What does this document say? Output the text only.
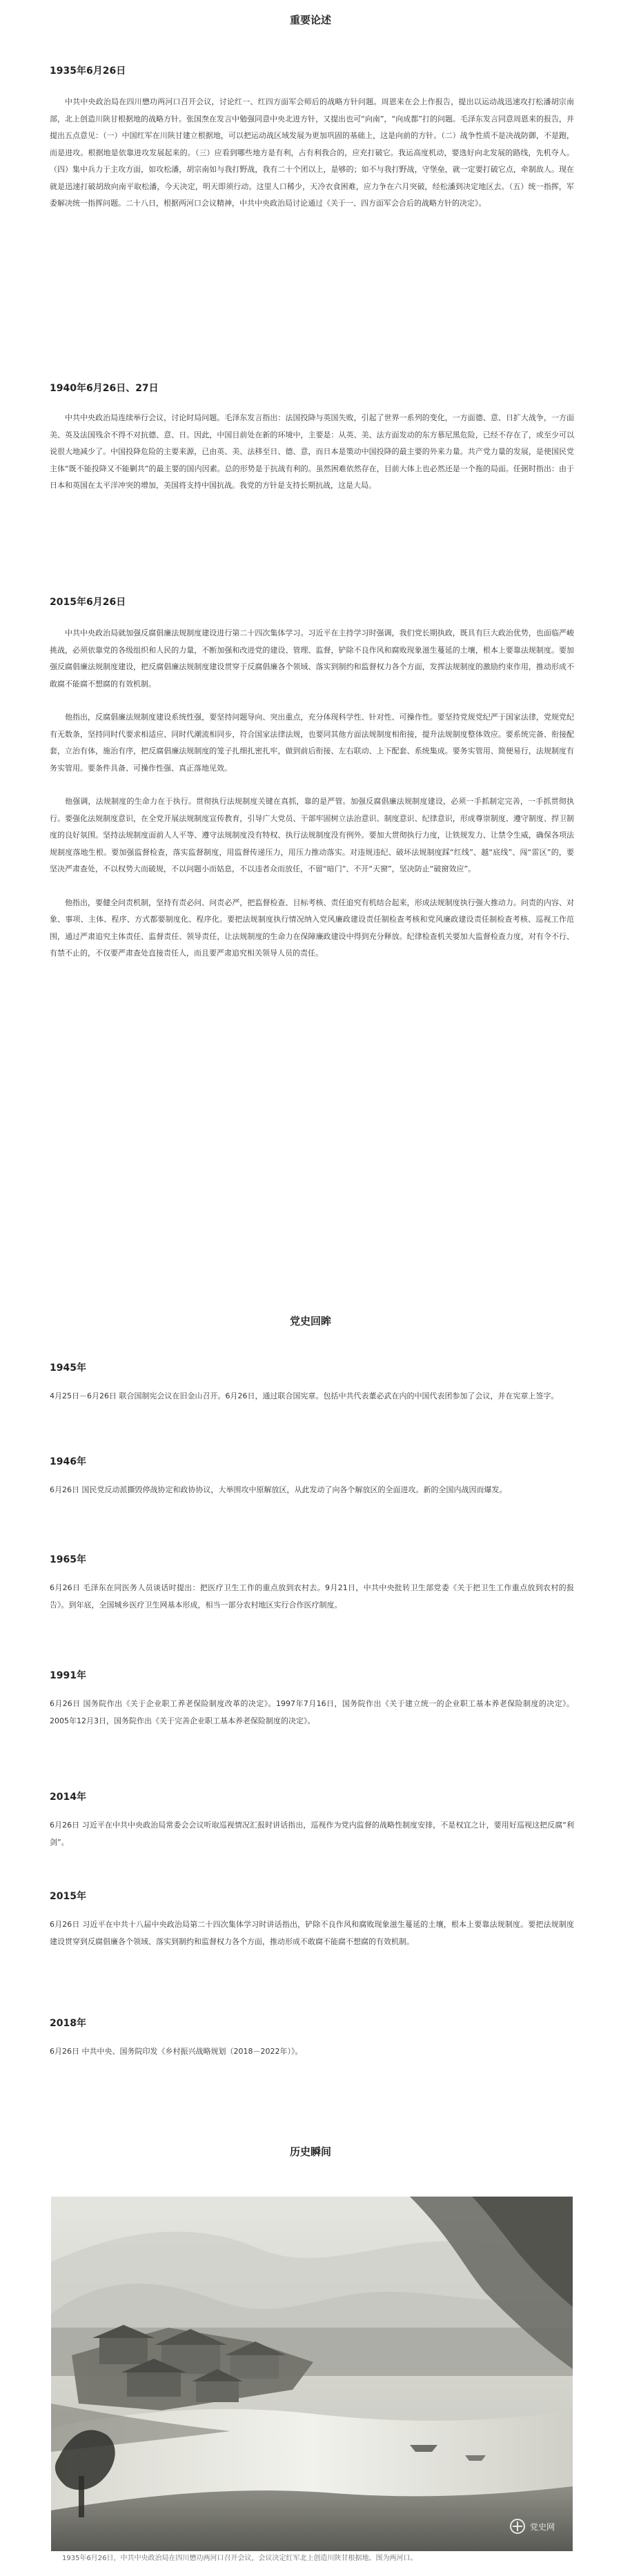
重要论述
1935年6月26日

中共中央政治局在四川懋功两河口召开会议，讨论红一、红四方面军会师后的战略方针问题。周恩来在会上作报告，提出以运动战迅速攻打松潘胡宗南部，北上创造川陕甘根据地的战略方针。张国焘在发言中勉强同意中央北进方针，又提出也可“向南”，“向成都”打的问题。毛泽东发言同意周恩来的报告，并提出五点意见：（一）中国红军在川陕甘建立根据地，可以把运动战区域发展为更加巩固的基础上，这是向前的方针。（二）战争性质不是决战防御，不是跑，而是进攻。根据地是依靠进攻发展起来的。（三）应看到哪些地方是有利，占有利我合的，应充打破它。我运高度机动，要选好向北发展的路线，先机夺人。（四）集中兵力于主攻方面，如攻松潘，胡宗南如与我打野战，我有二十个团以上，是够的；如不与我打野战，守堡垒，就一定要打破它点，牵制敌人。现在就是迅速打破胡敌向南平取松潘，今天决定，明天即须行动。这里人口稀少，天冷衣食困难，应力争在六月突破，经松潘到决定地区去。（五）统一指挥，军委解决统一指挥问题。二十八日，根据两河口会议精神，中共中央政治局讨论通过《关于一、四方面军会合后的战略方针的决定》。

1940年6月26日、27日

中共中央政治局连续举行会议，讨论时局问题。毛泽东发言指出：法国投降与英国失败，引起了世界一系列的变化，一方面德、意、日扩大战争，一方面美、英及法国残余不得不对抗德、意、日。因此，中国目前处在新的环境中，主要是：从英、美、法方面发动的东方慕尼黑危险，已经不存在了，或至少可以说很大地减少了。中国投降危险的主要来源，已由英、美、法移至日、德、意，而日本是策动中国投降的最主要的外来力量。共产党力量的发展，是使国民党主体“既不能投降又不能剿共”的最主要的国内因素。总的形势是于抗战有利的。虽然困难依然存在，目前大体上也必然还是一个拖的局面。任弼时指出：由于日本和英国在太平洋冲突的增加，美国将支持中国抗战。我党的方针是支持长期抗战，这是大局。

2015年6月26日

中共中央政治局就加强反腐倡廉法规制度建设进行第二十四次集体学习。习近平在主持学习时强调，我们党长期执政，既具有巨大政治优势，也面临严峻挑战，必须依靠党的各级组织和人民的力量，不断加强和改进党的建设、管理、监督，铲除不良作风和腐败现象滋生蔓延的土壤，根本上要靠法规制度。要加强反腐倡廉法规制度建设，把反腐倡廉法规制度建设贯穿于反腐倡廉各个领域、落实到制约和监督权力各个方面，发挥法规制度的激励约束作用，推动形成不敢腐不能腐不想腐的有效机制。

他指出，反腐倡廉法规制度建设系统性强，要坚持问题导向、突出重点，充分体现科学性、针对性、可操作性。要坚持党规党纪严于国家法律，党规党纪有无数条，坚持同时代要求相适应、同时代潮流相同步，符合国家法律法规，也要同其他方面法规制度相衔接，提升法规制度整体效应。要系统完备、衔接配套，立治有体，施治有序，把反腐倡廉法规制度的笼子扎细扎密扎牢，做到前后衔接、左右联动、上下配套、系统集成。要务实管用、简便易行，法规制度有务实管用。要条件具备、可操作性强、真正落地见效。

他强调，法规制度的生命力在于执行。贯彻执行法规制度关键在真抓，靠的是严管。加强反腐倡廉法规制度建设，必须一手抓制定完善，一手抓贯彻执行。要强化法规制度意识，在全党开展法规制度宣传教育，引导广大党员、干部牢固树立法治意识、制度意识、纪律意识，形成尊崇制度、遵守制度、捍卫制度的良好氛围。坚持法规制度面前人人平等、遵守法规制度没有特权、执行法规制度没有例外。要加大贯彻执行力度，让铁规发力、让禁令生威，确保各项法规制度落地生根。要加强监督检查，落实监督制度，用监督传递压力，用压力推动落实。对违规违纪、破坏法规制度踩“红线”、越“底线”、闯“雷区”的，要坚决严肃查处，不以权势大而破规，不以问题小而姑息，不以违者众而放任，不留“暗门”、不开“天窗”，坚决防止“破窗效应”。

他指出，要健全问责机制，坚持有责必问、问责必严，把监督检查、目标考核、责任追究有机结合起来，形成法规制度执行强大推动力。问责的内容、对象、事项、主体、程序、方式都要制度化、程序化。要把法规制度执行情况纳入党风廉政建设责任制检查考核和党风廉政建设责任制检查考核、巡视工作范围，通过严肃追究主体责任、监督责任、领导责任，让法规制度的生命力在保障廉政建设中得到充分释放。纪律检查机关要加大监督检查力度，对有令不行、有禁不止的，不仅要严肃查处直接责任人，而且要严肃追究相关领导人员的责任。

党史回眸
1945年

4月25日－6月26日 联合国制宪会议在旧金山召开。6月26日，通过联合国宪章。包括中共代表董必武在内的中国代表团参加了会议，并在宪章上签字。

1946年

6月26日 国民党反动派撕毁停战协定和政协协议，大举围攻中原解放区，从此发动了向各个解放区的全面进攻。新的全国内战因而爆发。

1965年

6月26日 毛泽东在同医务人员谈话时提出：把医疗卫生工作的重点放到农村去。9月21日，中共中央批转卫生部党委《关于把卫生工作重点放到农村的报告》。到年底，全国城乡医疗卫生网基本形成，相当一部分农村地区实行合作医疗制度。

1991年

6月26日 国务院作出《关于企业职工养老保险制度改革的决定》。1997年7月16日，国务院作出《关于建立统一的企业职工基本养老保险制度的决定》。2005年12月3日，国务院作出《关于完善企业职工基本养老保险制度的决定》。

2014年

6月26日 习近平在中共中央政治局常委会会议听取巡视情况汇报时讲话指出，巡视作为党内监督的战略性制度安排，不是权宜之计，要用好巡视这把反腐“利剑”。

2015年

6月26日 习近平在中共十八届中央政治局第二十四次集体学习时讲话指出，铲除不良作风和腐败现象滋生蔓延的土壤，根本上要靠法规制度。要把法规制度建设贯穿到反腐倡廉各个领域、落实到制约和监督权力各个方面，推动形成不敢腐不能腐不想腐的有效机制。

2018年

6月26日 中共中央、国务院印发《乡村振兴战略规划（2018－2022年）》。

历史瞬间
党史网

1935年6月26日，中共中央政治局在四川懋功两河口召开会议，会议决定红军北上创造川陕甘根据地。图为两河口。
